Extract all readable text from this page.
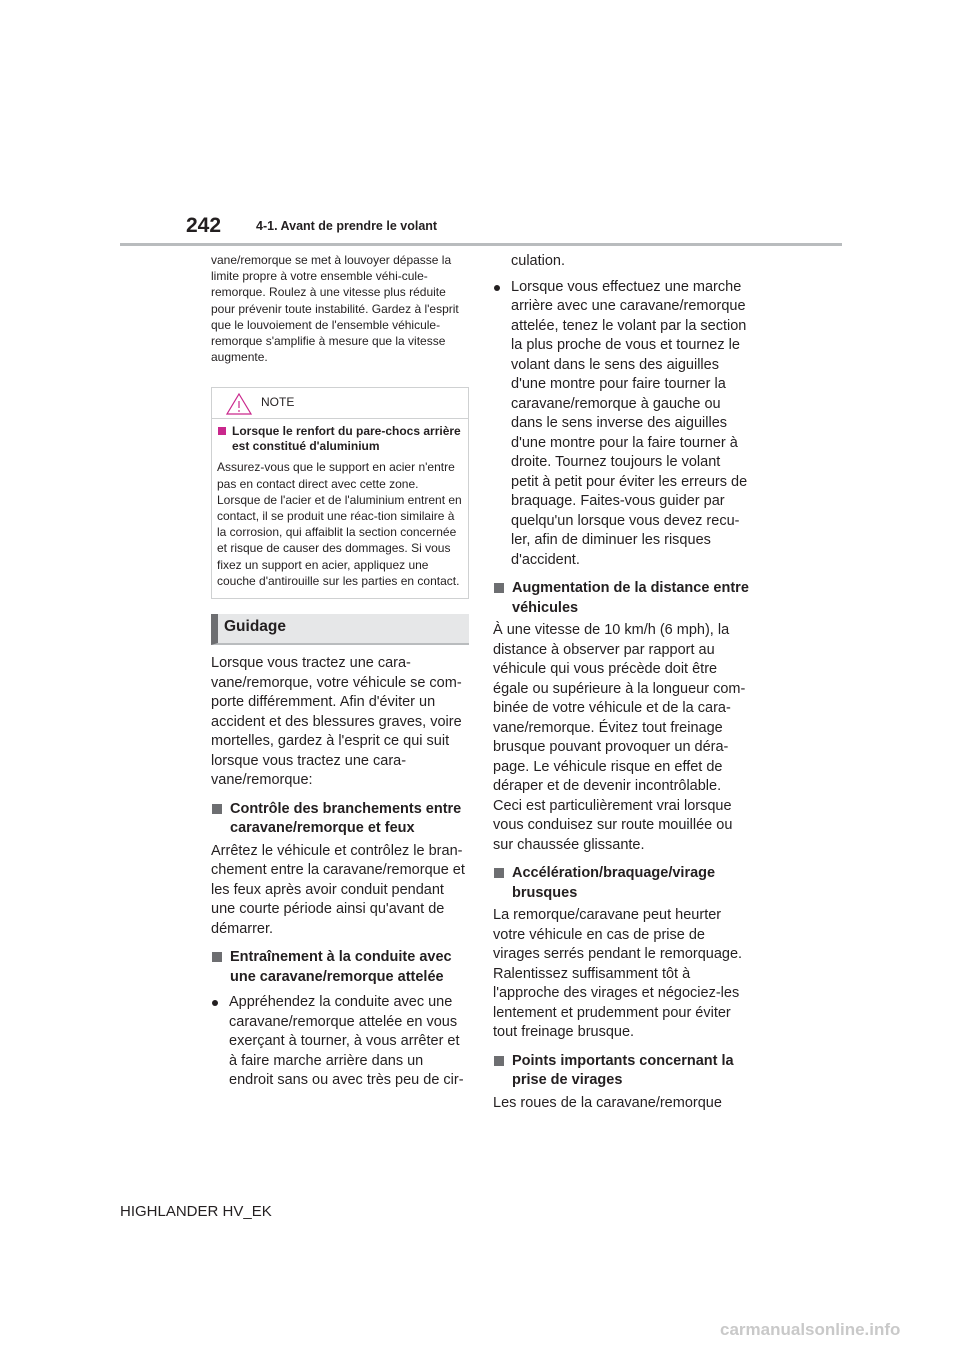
242	4-1. Avant de prendre le volant

vane/remorque se met à louvoyer dépasse la limite propre à votre ensemble véhi-cule-remorque. Roulez à une vitesse plus réduite pour prévenir toute instabilité. Gardez à l'esprit que le louvoiement de l'ensemble véhicule-remorque s'amplifie à mesure que la vitesse augmente.

NOTE
Lorsque le renfort du pare-chocs arrière est constitué d'aluminium

Assurez-vous que le support en acier n'entre pas en contact direct avec cette zone.

Lorsque de l'acier et de l'aluminium entrent en contact, il se produit une réac-tion similaire à la corrosion, qui affaiblit la section concernée et risque de causer des dommages. Si vous fixez un support en acier, appliquez une couche d'antirouille sur les parties en contact.

Guidage

Lorsque vous tractez une cara-vane/remorque, votre véhicule se com-porte différemment. Afin d'éviter un accident et des blessures graves, voire mortelles, gardez à l'esprit ce qui suit lorsque vous tractez une cara-vane/remorque:

Contrôle des branchements entre caravane/remorque et feux

Arrêtez le véhicule et contrôlez le bran-chement entre la caravane/remorque et les feux après avoir conduit pendant une courte période ainsi qu'avant de démarrer.

Entraînement à la conduite avec une caravane/remorque attelée
Appréhendez la conduite avec une caravane/remorque attelée en vous exerçant à tourner, à vous arrêter et à faire marche arrière dans un endroit sans ou avec très peu de cir-

culation.

Lorsque vous effectuez une marche arrière avec une caravane/remorque attelée, tenez le volant par la section la plus proche de vous et tournez le volant dans le sens des aiguilles d'une montre pour faire tourner la caravane/remorque à gauche ou dans le sens inverse des aiguilles d'une montre pour la faire tourner à droite. Tournez toujours le volant petit à petit pour éviter les erreurs de braquage. Faites-vous guider par quelqu'un lorsque vous devez recu-ler, afin de diminuer les risques d'accident.
Augmentation de la distance entre véhicules

À une vitesse de 10 km/h (6 mph), la distance à observer par rapport au véhicule qui vous précède doit être égale ou supérieure à la longueur com-binée de votre véhicule et de la cara-vane/remorque. Évitez tout freinage brusque pouvant provoquer un déra-page. Le véhicule risque en effet de déraper et de devenir incontrôlable. Ceci est particulièrement vrai lorsque vous conduisez sur route mouillée ou sur chaussée glissante.

Accélération/braquage/virage brusques

La remorque/caravane peut heurter votre véhicule en cas de prise de virages serrés pendant le remorquage. Ralentissez suffisamment tôt à l'approche des virages et négociez-les lentement et prudemment pour éviter tout freinage brusque.

Points importants concernant la prise de virages

Les roues de la caravane/remorque

HIGHLANDER HV_EK
carmanualsonline.info
